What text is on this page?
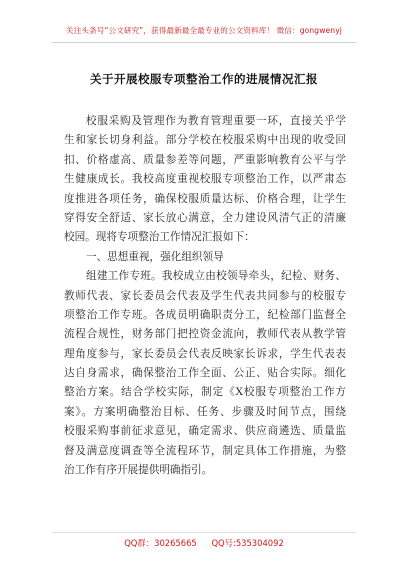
关注头条号“公文研究”，获得最新最全最专业的公文资料库！ 微信：gongwenyj
关于开展校服专项整治工作的进展情况汇报
校服采购及管理作为教育管理重要一环，直接关乎学
生和家长切身利益。部分学校在校服采购中出现的收受回
扣、价格虚高、质量参差等问题，严重影响教育公平与学
生健康成长。我校高度重视校服专项整治工作，以严肃态
度推进各项任务，确保校服质量达标、价格合理，让学生
穿得安全舒适、家长放心满意，全力建设风清气正的清廉
校园。现将专项整治工作情况汇报如下：
一、思想重视，强化组织领导
组建工作专班。我校成立由校领导牵头，纪检、财务、
教师代表、家长委员会代表及学生代表共同参与的校服专
项整治工作专班。各成员明确职责分工，纪检部门监督全
流程合规性，财务部门把控资金流向，教师代表从教学管
理角度参与，家长委员会代表反映家长诉求，学生代表表
达自身需求，确保整治工作全面、公正、贴合实际。细化
整治方案。结合学校实际，制定《X校服专项整治工作方
案》。方案明确整治目标、任务、步骤及时间节点，围绕
校服采购事前征求意见，确定需求、供应商遴选、质量监
督及满意度调查等全流程环节，制定具体工作措施，为整
治工作有序开展提供明确指引。
QQ群：30265665 QQ号:535304092
